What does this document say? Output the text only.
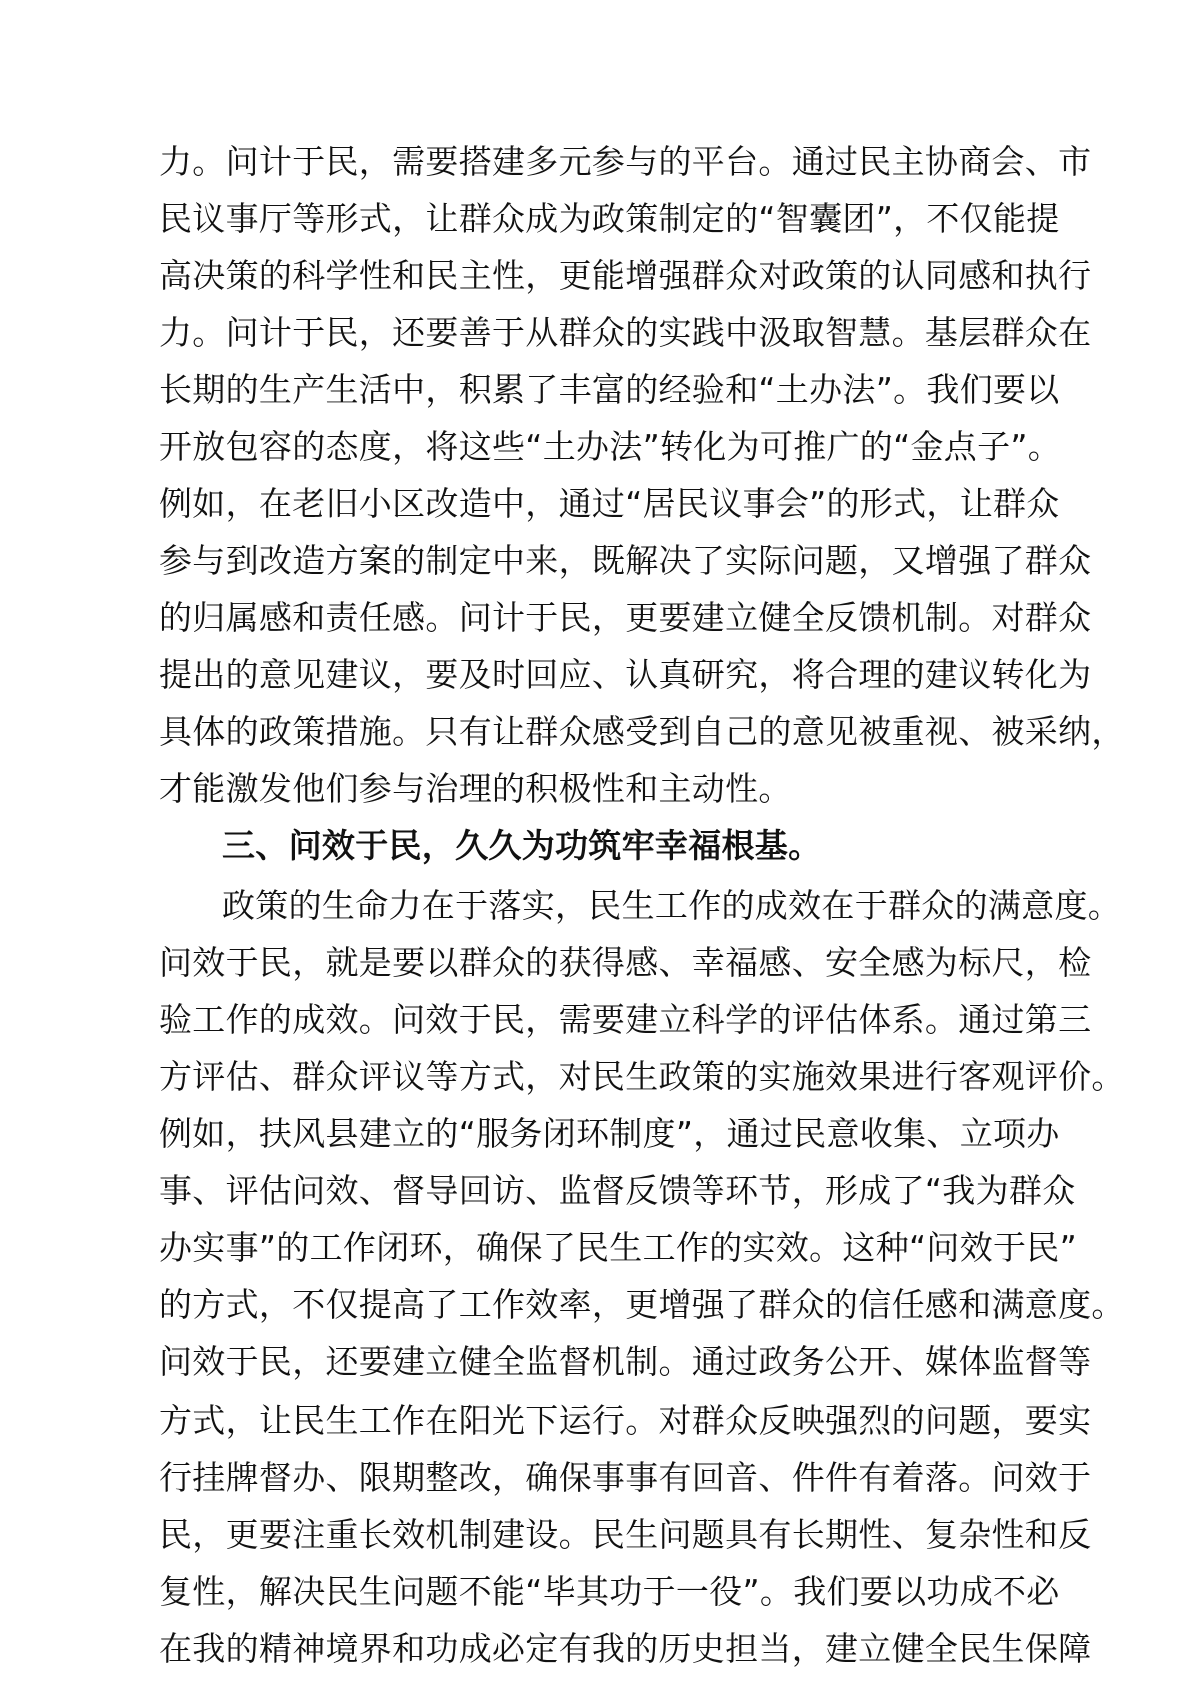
力。问计于民，需要搭建多元参与的平台。通过民主协商会、市
民议事厅等形式，让群众成为政策制定的“智囊团”，不仅能提
高决策的科学性和民主性，更能增强群众对政策的认同感和执行
力。问计于民，还要善于从群众的实践中汲取智慧。基层群众在
长期的生产生活中，积累了丰富的经验和“土办法”。我们要以
开放包容的态度，将这些“土办法”转化为可推广的“金点子”。
例如，在老旧小区改造中，通过“居民议事会”的形式，让群众
参与到改造方案的制定中来，既解决了实际问题，又增强了群众
的归属感和责任感。问计于民，更要建立健全反馈机制。对群众
提出的意见建议，要及时回应、认真研究，将合理的建议转化为
具体的政策措施。只有让群众感受到自己的意见被重视、被采纳，
才能激发他们参与治理的积极性和主动性。
三、问效于民，久久为功筑牢幸福根基。
政策的生命力在于落实，民生工作的成效在于群众的满意度。
问效于民，就是要以群众的获得感、幸福感、安全感为标尺，检
验工作的成效。问效于民，需要建立科学的评估体系。通过第三
方评估、群众评议等方式，对民生政策的实施效果进行客观评价。
例如，扶风县建立的“服务闭环制度”，通过民意收集、立项办
事、评估问效、督导回访、监督反馈等环节，形成了“我为群众
办实事”的工作闭环，确保了民生工作的实效。这种“问效于民”
的方式，不仅提高了工作效率，更增强了群众的信任感和满意度。
问效于民，还要建立健全监督机制。通过政务公开、媒体监督等
方式，让民生工作在阳光下运行。对群众反映强烈的问题，要实
行挂牌督办、限期整改，确保事事有回音、件件有着落。问效于
民，更要注重长效机制建设。民生问题具有长期性、复杂性和反
复性，解决民生问题不能“毕其功于一役”。我们要以功成不必
在我的精神境界和功成必定有我的历史担当，建立健全民生保障
